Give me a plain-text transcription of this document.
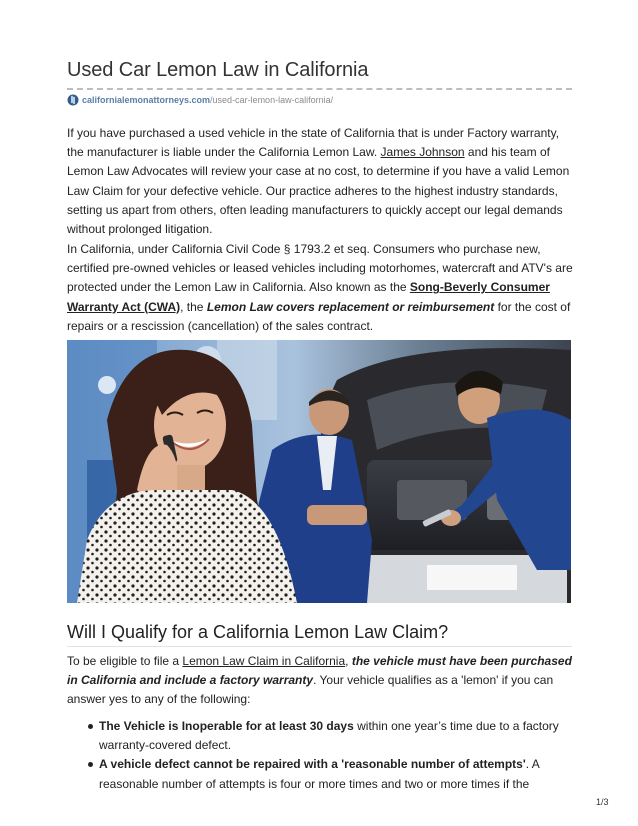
Used Car Lemon Law in California
californialemonattorneys.com /used-car-lemon-law-california/

If you have purchased a used vehicle in the state of California that is under Factory warranty, the manufacturer is liable under the California Lemon Law. James Johnson and his team of Lemon Law Advocates will review your case at no cost, to determine if you have a valid Lemon Law Claim for your defective vehicle. Our practice adheres to the highest industry standards, setting us apart from others, often leading manufacturers to quickly accept our legal demands without prolonged litigation.

In California, under California Civil Code § 1793.2 et seq. Consumers who purchase new, certified pre-owned vehicles or leased vehicles including motorhomes, watercraft and ATV's are protected under the Lemon Law in California. Also known as the Song-Beverly Consumer Warranty Act (CWA), the Lemon Law covers replacement or reimbursement for the cost of repairs or a rescission (cancellation) of the sales contract.

Will I Qualify for a California Lemon Law Claim?

To be eligible to file a Lemon Law Claim in California, the vehicle must have been purchased in California and include a factory warranty. Your vehicle qualifies as a 'lemon' if you can answer yes to any of the following:

The Vehicle is Inoperable for at least 30 days within one year’s time due to a factory warranty-covered defect.
A vehicle defect cannot be repaired with a 'reasonable number of attempts'. A reasonable number of attempts is four or more times and two or more times if the
1/3
